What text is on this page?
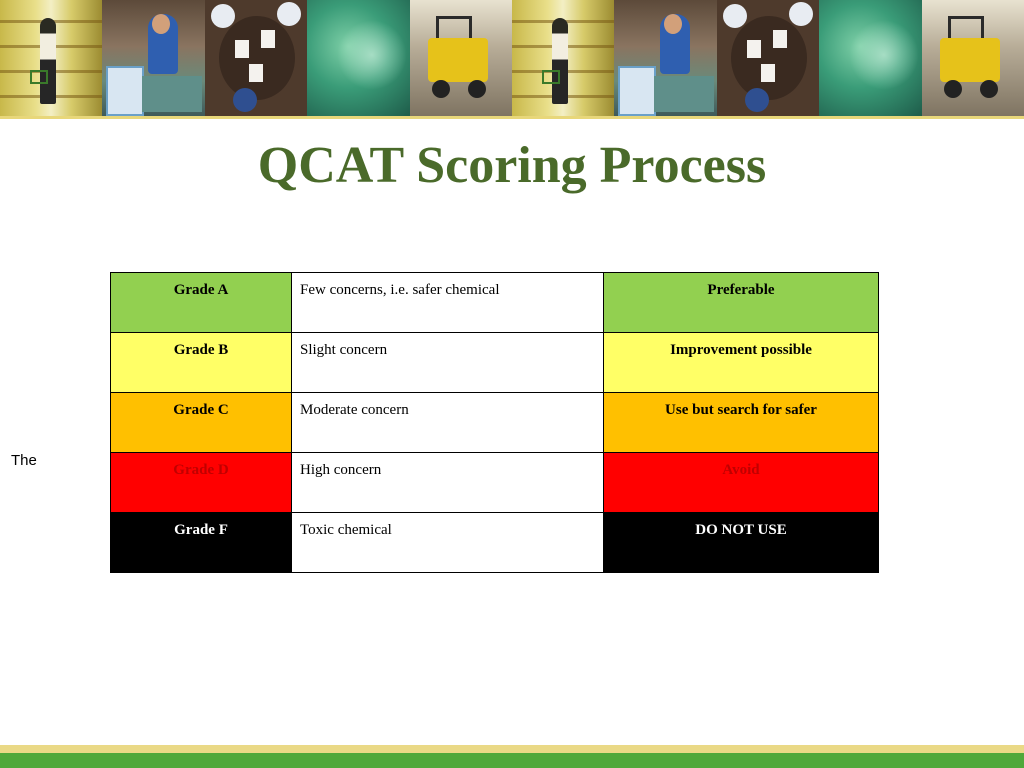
QCAT Scoring Process
The
Grade A	Few concerns, i.e. safer chemical	Preferable
Grade B	Slight concern	Improvement possible
Grade C	Moderate concern	Use but search for safer
Grade D	High concern	Avoid
Grade F	Toxic chemical	DO NOT USE
